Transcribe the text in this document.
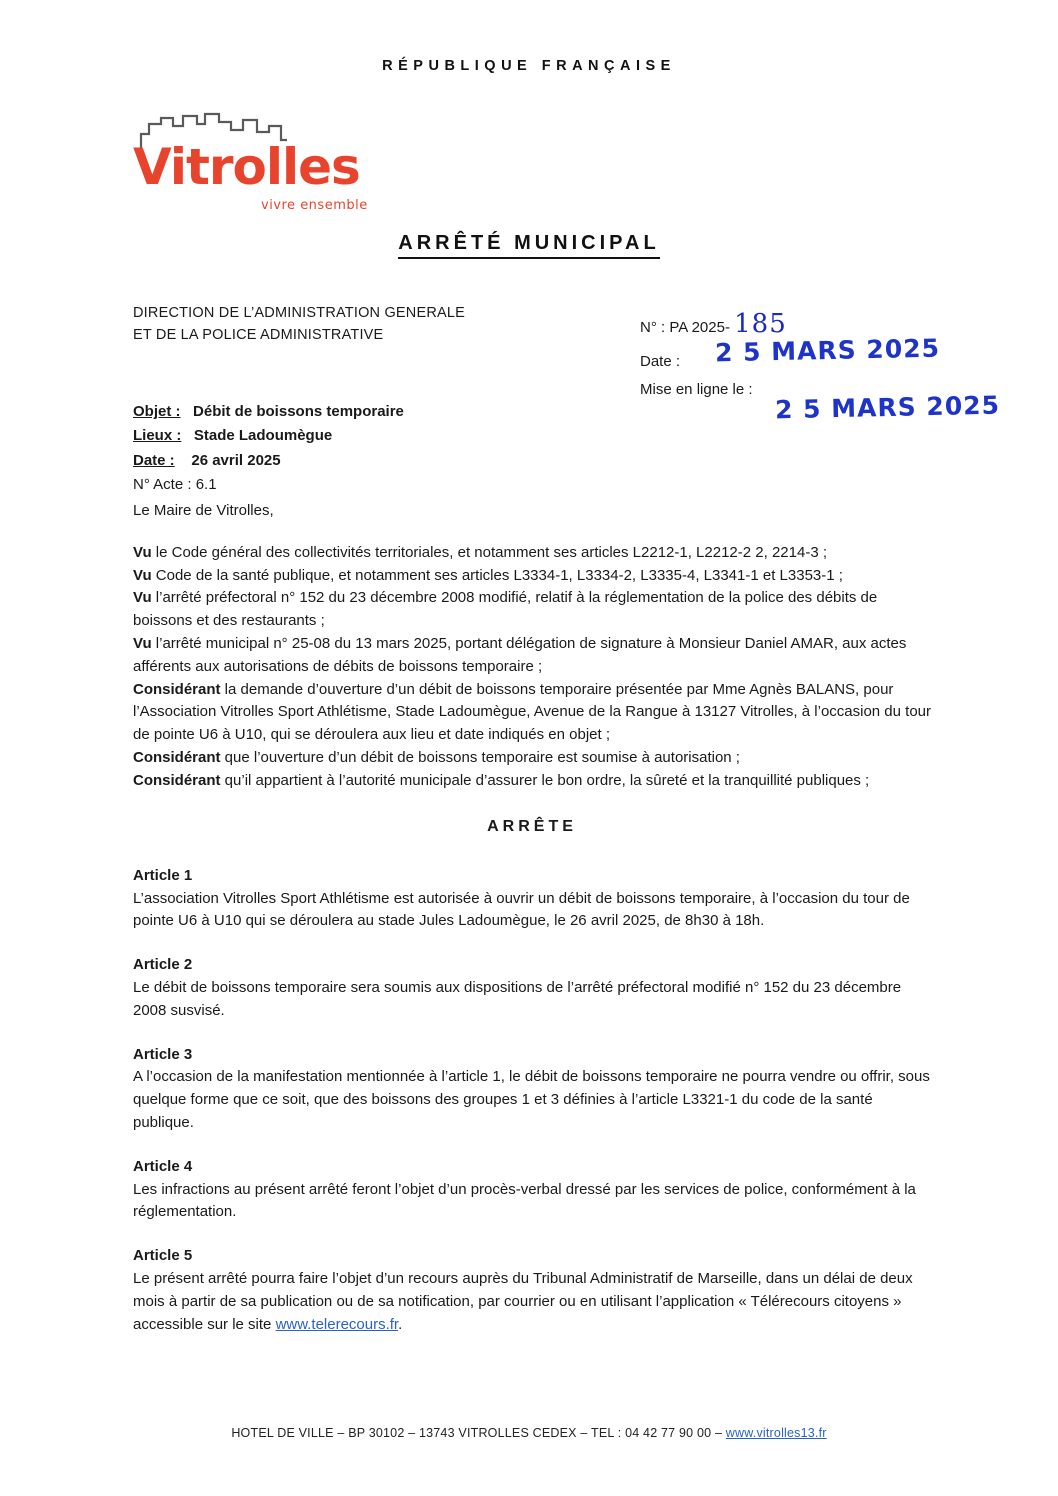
RÉPUBLIQUE FRANÇAISE
Vitrolles
vivre ensemble
ARRÊTÉ MUNICIPAL
DIRECTION DE L’ADMINISTRATION GENERALE
ET DE LA POLICE ADMINISTRATIVE	N° : PA 2025- 185
Date :
Mise en ligne le :
2 5 MARS 2025
2 5 MARS 2025
Objet : Débit de boissons temporaire
Lieux : Stade Ladoumègue
Date : 26 avril 2025
N° Acte : 6.1

Le Maire de Vitrolles,

Vu le Code général des collectivités territoriales, et notamment ses articles L2212-1, L2212-2 2, 2214-3 ;

Vu Code de la santé publique, et notamment ses articles L3334-1, L3334-2, L3335-4, L3341-1 et L3353-1 ;

Vu l’arrêté préfectoral n° 152 du 23 décembre 2008 modifié, relatif à la réglementation de la police des débits de boissons et des restaurants ;

Vu l’arrêté municipal n° 25-08 du 13 mars 2025, portant délégation de signature à Monsieur Daniel AMAR, aux actes afférents aux autorisations de débits de boissons temporaire ;

Considérant la demande d’ouverture d’un débit de boissons temporaire présentée par Mme Agnès BALANS, pour l’Association Vitrolles Sport Athlétisme, Stade Ladoumègue, Avenue de la Rangue à 13127 Vitrolles, à l’occasion du tour de pointe U6 à U10, qui se déroulera aux lieu et date indiqués en objet ;

Considérant que l’ouverture d’un débit de boissons temporaire est soumise à autorisation ;

Considérant qu’il appartient à l’autorité municipale d’assurer le bon ordre, la sûreté et la tranquillité publiques ;

ARRÊTE
Article 1

L’association Vitrolles Sport Athlétisme est autorisée à ouvrir un débit de boissons temporaire, à l’occasion du tour de pointe U6 à U10 qui se déroulera au stade Jules Ladoumègue, le 26 avril 2025, de 8h30 à 18h.

Article 2

Le débit de boissons temporaire sera soumis aux dispositions de l’arrêté préfectoral modifié n° 152 du 23 décembre 2008 susvisé.

Article 3

A l’occasion de la manifestation mentionnée à l’article 1, le débit de boissons temporaire ne pourra vendre ou offrir, sous quelque forme que ce soit, que des boissons des groupes 1 et 3 définies à l’article L3321-1 du code de la santé publique.

Article 4

Les infractions au présent arrêté feront l’objet d’un procès-verbal dressé par les services de police, conformément à la réglementation.

Article 5

Le présent arrêté pourra faire l’objet d’un recours auprès du Tribunal Administratif de Marseille, dans un délai de deux mois à partir de sa publication ou de sa notification, par courrier ou en utilisant l’application « Télérecours citoyens » accessible sur le site www.telerecours.fr.

HOTEL DE VILLE – BP 30102 – 13743 VITROLLES CEDEX – TEL : 04 42 77 90 00 – www.vitrolles13.fr
